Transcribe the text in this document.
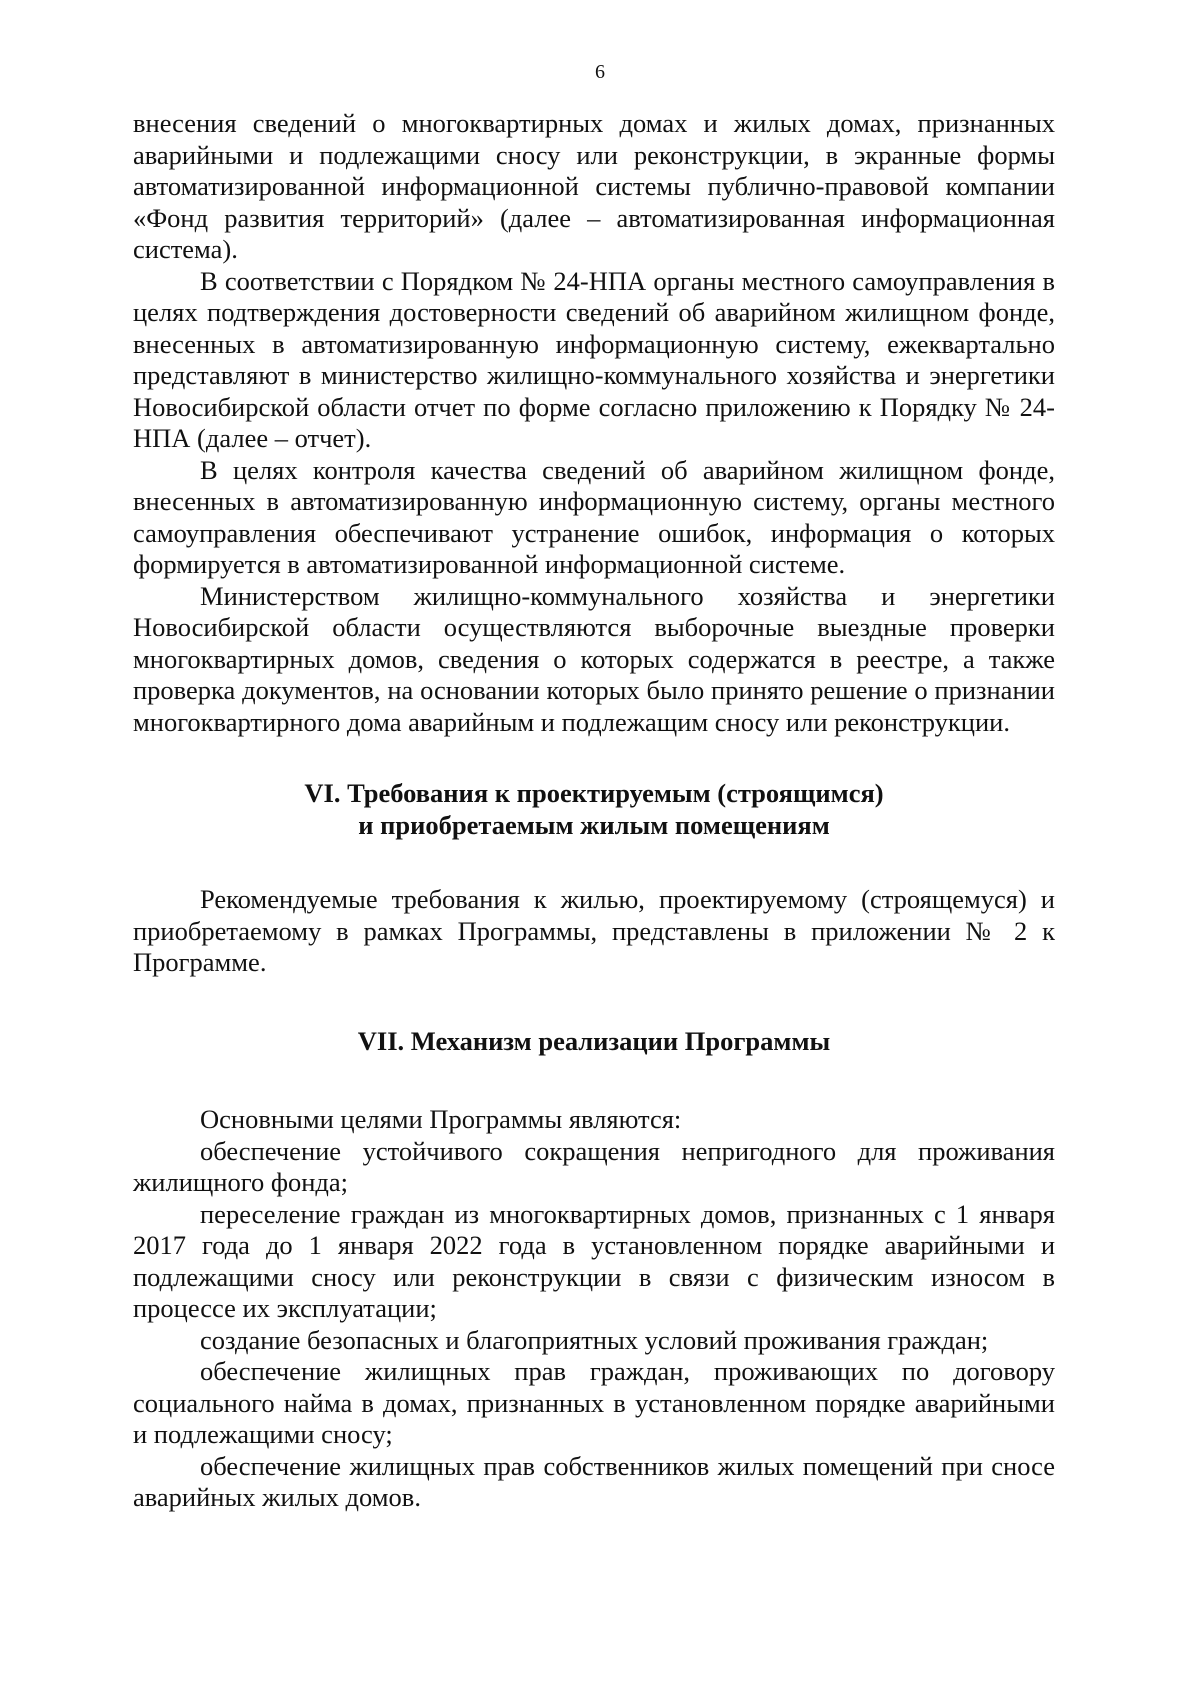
6

внесения сведений о многоквартирных домах и жилых домах, признанных аварийными и подлежащими сносу или реконструкции, в экранные формы автоматизированной информационной системы публично-правовой компании «Фонд развития территорий» (далее – автоматизированная информационная система).

В соответствии с Порядком № 24-НПА органы местного самоуправления в целях подтверждения достоверности сведений об аварийном жилищном фонде, внесенных в автоматизированную информационную систему, ежеквартально представляют в министерство жилищно-коммунального хозяйства и энергетики Новосибирской области отчет по форме согласно приложению к Порядку № 24-НПА (далее – отчет).

В целях контроля качества сведений об аварийном жилищном фонде, внесенных в автоматизированную информационную систему, органы местного самоуправления обеспечивают устранение ошибок, информация о которых формируется в автоматизированной информационной системе.

Министерством жилищно-коммунального хозяйства и энергетики Новосибирской области осуществляются выборочные выездные проверки многоквартирных домов, сведения о которых содержатся в реестре, а также проверка документов, на основании которых было принято решение о признании многоквартирного дома аварийным и подлежащим сносу или реконструкции.

VI. Требования к проектируемым (строящимся)
и приобретаемым жилым помещениям

Рекомендуемые требования к жилью, проектируемому (строящемуся) и приобретаемому в рамках Программы, представлены в приложении № 2 к Программе.

VII. Механизм реализации Программы

Основными целями Программы являются:

обеспечение устойчивого сокращения непригодного для проживания жилищного фонда;

переселение граждан из многоквартирных домов, признанных с 1 января 2017 года до 1 января 2022 года в установленном порядке аварийными и подлежащими сносу или реконструкции в связи с физическим износом в процессе их эксплуатации;

создание безопасных и благоприятных условий проживания граждан;

обеспечение жилищных прав граждан, проживающих по договору социального найма в домах, признанных в установленном порядке аварийными и подлежащими сносу;

обеспечение жилищных прав собственников жилых помещений при сносе аварийных жилых домов.
